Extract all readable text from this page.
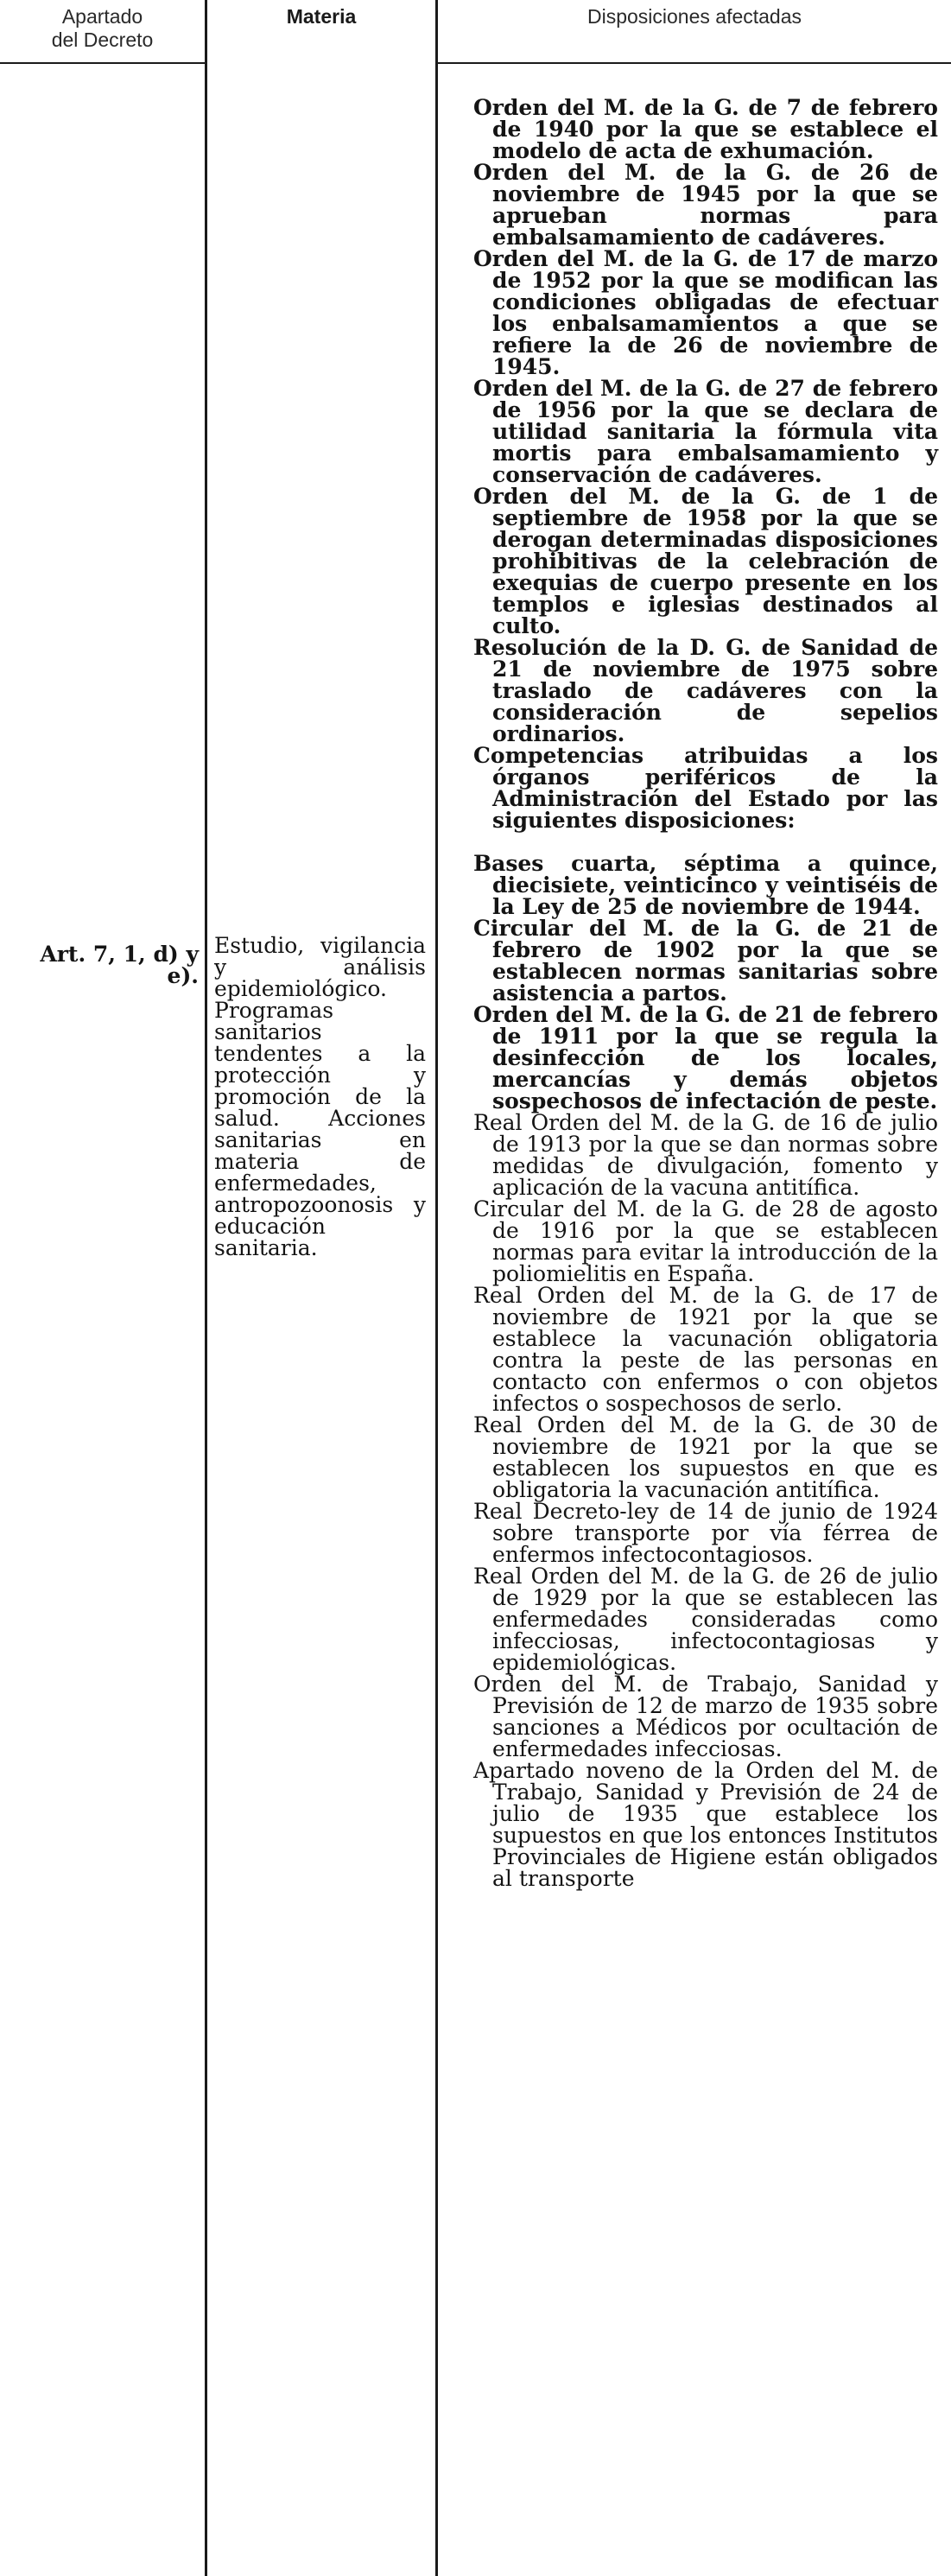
Apartado
del Decreto
Materia	Disposiciones afectadas
Art. 7, 1, d) y e).
Estudio, vigilancia y análisis epidemiológico. Programas sanitarios tendentes a la protección y promoción de la salud. Acciones sanitarias en materia de enfermedades, antropozoonosis y educación sanitaria.
Orden del M. de la G. de 7 de febrero de 1940 por la que se establece el modelo de acta de exhumación.
Orden del M. de la G. de 26 de noviembre de 1945 por la que se aprueban normas para embalsamamiento de cadáveres.
Orden del M. de la G. de 17 de marzo de 1952 por la que se modifican las condiciones obligadas de efectuar los enbalsamamientos a que se refiere la de 26 de noviembre de 1945.
Orden del M. de la G. de 27 de febrero de 1956 por la que se declara de utilidad sanitaria la fórmula vita mortis para embalsamamiento y conservación de cadáveres.
Orden del M. de la G. de 1 de septiembre de 1958 por la que se derogan determinadas disposiciones prohibitivas de la celebración de exequias de cuerpo presente en los templos e iglesias destinados al culto.
Resolución de la D. G. de Sanidad de 21 de noviembre de 1975 sobre traslado de cadáveres con la consideración de sepelios ordinarios.
Competencias atribuidas a los órganos periféricos de la Administración del Estado por las siguientes disposiciones:
Bases cuarta, séptima a quince, diecisiete, veinticinco y veintiséis de la Ley de 25 de noviembre de 1944.
Circular del M. de la G. de 21 de febrero de 1902 por la que se establecen normas sanitarias sobre asistencia a partos.
Orden del M. de la G. de 21 de febrero de 1911 por la que se regula la desinfección de los locales, mercancías y demás objetos sospechosos de infectación de peste.
Real Orden del M. de la G. de 16 de julio de 1913 por la que se dan normas sobre medidas de divulgación, fomento y aplicación de la vacuna antitífica.
Circular del M. de la G. de 28 de agosto de 1916 por la que se establecen normas para evitar la introducción de la poliomielitis en España.
Real Orden del M. de la G. de 17 de noviembre de 1921 por la que se establece la vacunación obligatoria contra la peste de las personas en contacto con enfermos o con objetos infectos o sospechosos de serlo.
Real Orden del M. de la G. de 30 de noviembre de 1921 por la que se establecen los supuestos en que es obligatoria la vacunación antitífica.
Real Decreto-ley de 14 de junio de 1924 sobre transporte por vía férrea de enfermos infectocontagiosos.
Real Orden del M. de la G. de 26 de julio de 1929 por la que se establecen las enfermedades consideradas como infecciosas, infectocontagiosas y epidemiológicas.
Orden del M. de Trabajo, Sanidad y Previsión de 12 de marzo de 1935 sobre sanciones a Médicos por ocultación de enfermedades infecciosas.
Apartado noveno de la Orden del M. de Trabajo, Sanidad y Previsión de 24 de julio de 1935 que establece los supuestos en que los entonces Institutos Provinciales de Higiene están obligados al transporte
